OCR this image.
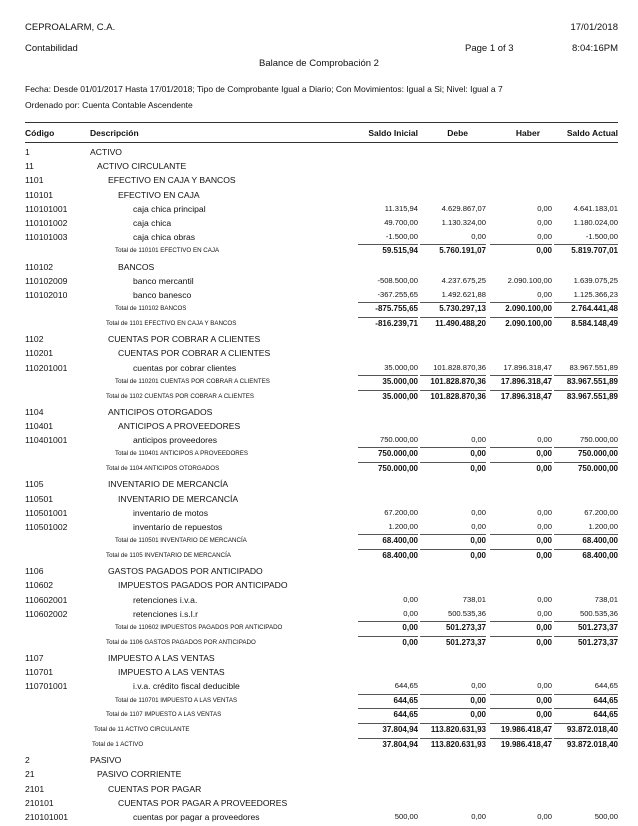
CEPROALARM, C.A.	17/01/2018
Contabilidad	Page 1 of 3	8:04:16PM
Balance de Comprobación 2
Fecha: Desde 01/01/2017 Hasta 17/01/2018; Tipo de Comprobante Igual a Diario; Con Movimientos: Igual a Si; Nivel: Igual a 7
Ordenado por: Cuenta Contable Ascendente
Código	Descripción	Saldo Inicial	Debe	Haber	Saldo Actual
1	ACTIVO
11	ACTIVO CIRCULANTE
1101	EFECTIVO EN CAJA Y BANCOS
110101	EFECTIVO EN CAJA
110101001	caja chica principal	11.315,94	4.629.867,07	0,00	4.641.183,01
110101002	caja chica	49.700,00	1.130.324,00	0,00	1.180.024,00
110101003	caja chica obras	-1.500,00	0,00	0,00	-1.500,00
Total de 110101 EFECTIVO EN CAJA	59.515,94	5.760.191,07	0,00 5.819.707,01
110102	BANCOS
110102009	banco mercantil	-508.500,00	4.237.675,25	2.090.100,00	1.639.075,25
110102010	banco banesco	-367.255,65	1.492.621,88	0,00	1.125.366,23
Total de 110102 BANCOS	-875.755,65	5.730.297,13 2.090.100,00 2.764.441,48
Total de 1101 EFECTIVO EN CAJA Y BANCOS	-816.239,71 11.490.488,20 2.090.100,00 8.584.148,49
1102	CUENTAS POR COBRAR A CLIENTES
110201	CUENTAS POR COBRAR A CLIENTES
110201001	cuentas por cobrar clientes	35.000,00 101.828.870,36 17.896.318,47 83.967.551,89
Total de 110201 CUENTAS POR COBRAR A CLIENTES	35.000,00 101.828.870,36 17.896.318,47 83.967.551,89
Total de 1102 CUENTAS POR COBRAR A CLIENTES	35.000,00 101.828.870,36 17.896.318,47 83.967.551,89
1104	ANTICIPOS OTORGADOS
110401	ANTICIPOS A PROVEEDORES
110401001	anticipos proveedores	750.000,00	0,00	0,00	750.000,00
Total de 110401 ANTICIPOS A PROVEEDORES	750.000,00	0,00	0,00	750.000,00
Total de 1104 ANTICIPOS OTORGADOS	750.000,00	0,00	0,00	750.000,00
1105	INVENTARIO DE MERCANCÍA
110501	INVENTARIO DE MERCANCÍA
110501001	inventario de motos	67.200,00	0,00	0,00	67.200,00
110501002	inventario de repuestos	1.200,00	0,00	0,00	1.200,00
Total de 110501 INVENTARIO DE MERCANCÍA	68.400,00	0,00	0,00	68.400,00
Total de 1105 INVENTARIO DE MERCANCÍA	68.400,00	0,00	0,00	68.400,00
1106	GASTOS PAGADOS POR ANTICIPADO
110602	IMPUESTOS PAGADOS POR ANTICIPADO
110602001	retenciones i.v.a.	0,00	738,01	0,00	738,01
110602002	retenciones i.s.l.r	0,00	500.535,36	0,00	500.535,36
Total de 110602 IMPUESTOS PAGADOS POR ANTICIPADO	0,00	501.273,37	0,00	501.273,37
Total de 1106 GASTOS PAGADOS POR ANTICIPADO	0,00	501.273,37	0,00	501.273,37
1107	IMPUESTO A LAS VENTAS
110701	IMPUESTO A LAS VENTAS
110701001	i.v.a. crédito fiscal deducible	644,65	0,00	0,00	644,65
Total de 110701 IMPUESTO A LAS VENTAS	644,65	0,00	0,00	644,65
Total de 1107 IMPUESTO A LAS VENTAS	644,65	0,00	0,00	644,65
Total de 11 ACTIVO CIRCULANTE	37.804,94 113.820.631,93 19.986.418,47 93.872.018,40
Total de 1 ACTIVO	37.804,94 113.820.631,93 19.986.418,47 93.872.018,40
2	PASIVO
21	PASIVO CORRIENTE
2101	CUENTAS POR PAGAR
210101	CUENTAS POR PAGAR A PROVEEDORES
210101001	cuentas por pagar a proveedores	500,00	0,00	0,00	500,00
